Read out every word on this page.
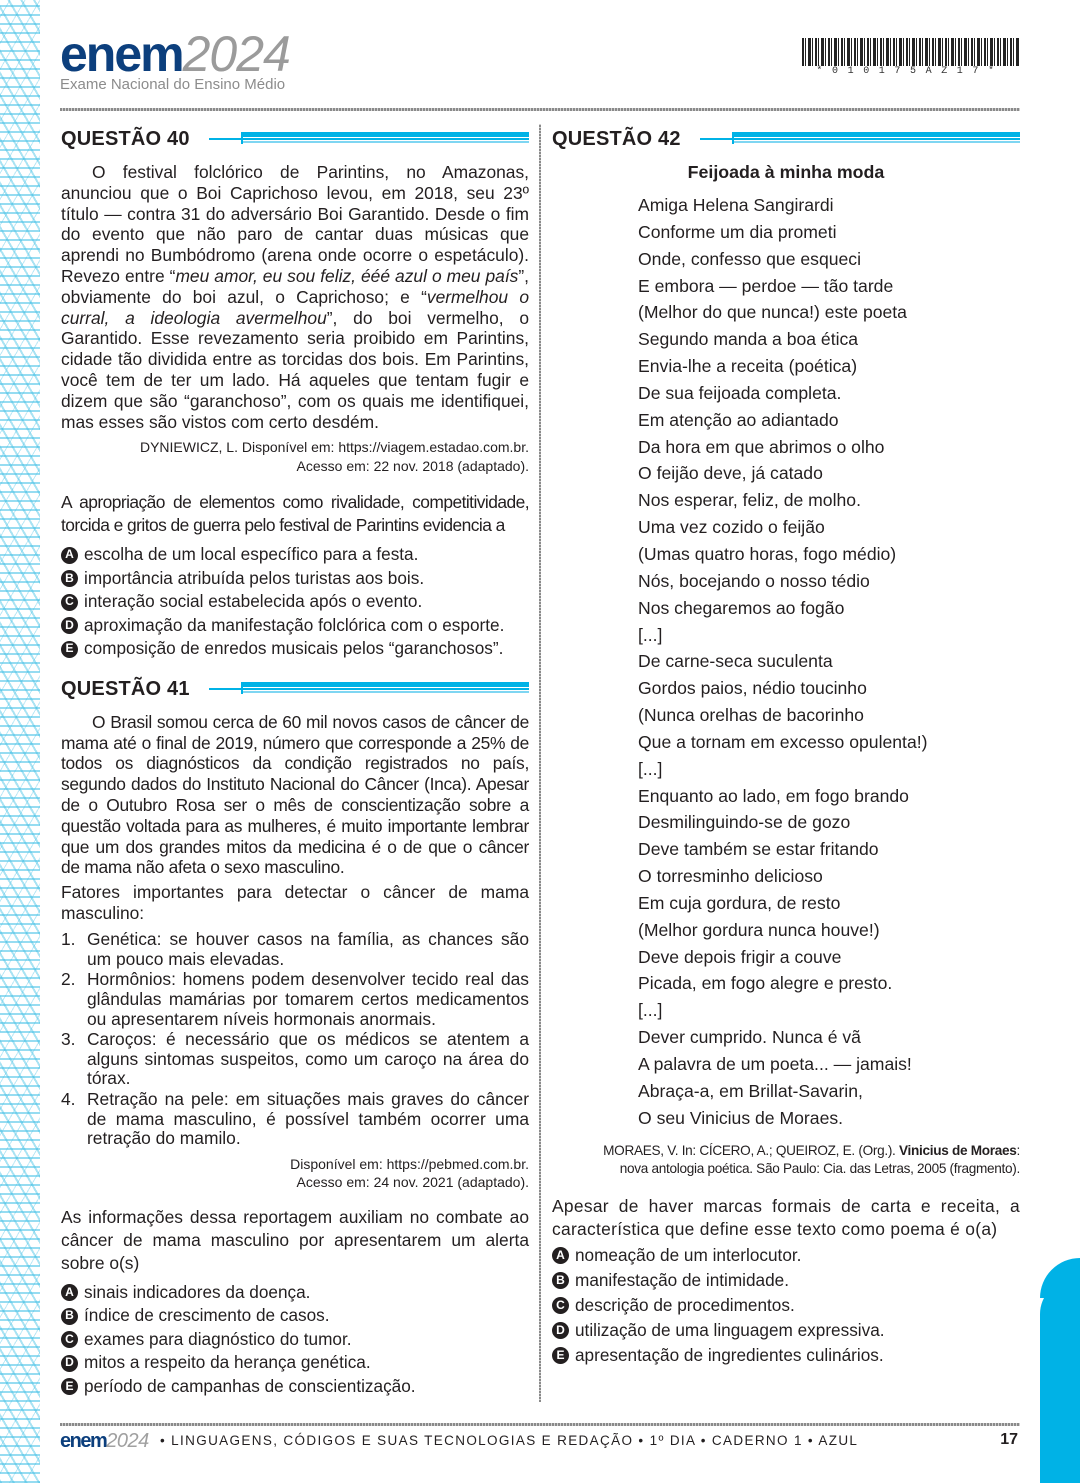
enem2024
Exame Nacional do Ensino Médio
*010175AZ17*
QUESTÃO 40

O festival folclórico de Parintins, no Amazonas, anunciou que o Boi Caprichoso levou, em 2018, seu 23º título — contra 31 do adversário Boi Garantido. Desde o fim do evento que não paro de cantar duas músicas que aprendi no Bumbódromo (arena onde ocorre o espetáculo). Revezo entre “meu amor, eu sou feliz, ééé azul o meu país”, obviamente do boi azul, o Caprichoso; e “vermelhou o curral, a ideologia avermelhou”, do boi vermelho, o Garantido. Esse revezamento seria proibido em Parintins, cidade tão dividida entre as torcidas dos bois. Em Parintins, você tem de ter um lado. Há aqueles que tentam fugir e dizem que são “garanchoso”, com os quais me identifiquei, mas esses são vistos com certo desdém.

DYNIEWICZ, L. Disponível em: https://viagem.estadao.com.br.
Acesso em: 22 nov. 2018 (adaptado).

A apropriação de elementos como rivalidade, competitividade, torcida e gritos de guerra pelo festival de Parintins evidencia a

A escolha de um local específico para a festa.
B importância atribuída pelos turistas aos bois.
C interação social estabelecida após o evento.
D aproximação da manifestação folclórica com o esporte.
E composição de enredos musicais pelos “garanchosos”.
QUESTÃO 41

O Brasil somou cerca de 60 mil novos casos de câncer de mama até o final de 2019, número que corresponde a 25% de todos os diagnósticos da condição registrados no país, segundo dados do Instituto Nacional do Câncer (Inca). Apesar de o Outubro Rosa ser o mês de conscientização sobre a questão voltada para as mulheres, é muito importante lembrar que um dos grandes mitos da medicina é o de que o câncer de mama não afeta o sexo masculino.

Fatores importantes para detectar o câncer de mama masculino:

1. Genética: se houver casos na família, as chances são um pouco mais elevadas.
2. Hormônios: homens podem desenvolver tecido real das glândulas mamárias por tomarem certos medicamentos ou apresentarem níveis hormonais anormais.
3. Caroços: é necessário que os médicos se atentem a alguns sintomas suspeitos, como um caroço na área do tórax.
4. Retração na pele: em situações mais graves do câncer de mama masculino, é possível também ocorrer uma retração do mamilo.
Disponível em: https://pebmed.com.br.
Acesso em: 24 nov. 2021 (adaptado).

As informações dessa reportagem auxiliam no combate ao câncer de mama masculino por apresentarem um alerta sobre o(s)

A sinais indicadores da doença.
B índice de crescimento de casos.
C exames para diagnóstico do tumor.
D mitos a respeito da herança genética.
E período de campanhas de conscientização.
QUESTÃO 42
Feijoada à minha moda
Amiga Helena Sangirardi
Conforme um dia prometi
Onde, confesso que esqueci
E embora — perdoe — tão tarde
(Melhor do que nunca!) este poeta
Segundo manda a boa ética
Envia-lhe a receita (poética)
De sua feijoada completa.
Em atenção ao adiantado
Da hora em que abrimos o olho
O feijão deve, já catado
Nos esperar, feliz, de molho.
Uma vez cozido o feijão
(Umas quatro horas, fogo médio)
Nós, bocejando o nosso tédio
Nos chegaremos ao fogão
[...]
De carne-seca suculenta
Gordos paios, nédio toucinho
(Nunca orelhas de bacorinho
Que a tornam em excesso opulenta!)
[...]
Enquanto ao lado, em fogo brando
Desmilinguindo-se de gozo
Deve também se estar fritando
O torresminho delicioso
Em cuja gordura, de resto
(Melhor gordura nunca houve!)
Deve depois frigir a couve
Picada, em fogo alegre e presto.
[...]
Dever cumprido. Nunca é vã
A palavra de um poeta... — jamais!
Abraça-a, em Brillat-Savarin,
O seu Vinicius de Moraes.
MORAES, V. In: CÍCERO, A.; QUEIROZ, E. (Org.). Vinicius de Moraes:
nova antologia poética. São Paulo: Cia. das Letras, 2005 (fragmento).

Apesar de haver marcas formais de carta e receita, a característica que define esse texto como poema é o(a)

A nomeação de um interlocutor.
B manifestação de intimidade.
C descrição de procedimentos.
D utilização de uma linguagem expressiva.
E apresentação de ingredientes culinários.
enem2024 • LINGUAGENS, CÓDIGOS E SUAS TECNOLOGIAS E REDAÇÃO • 1º DIA • CADERNO 1 • AZUL	17
